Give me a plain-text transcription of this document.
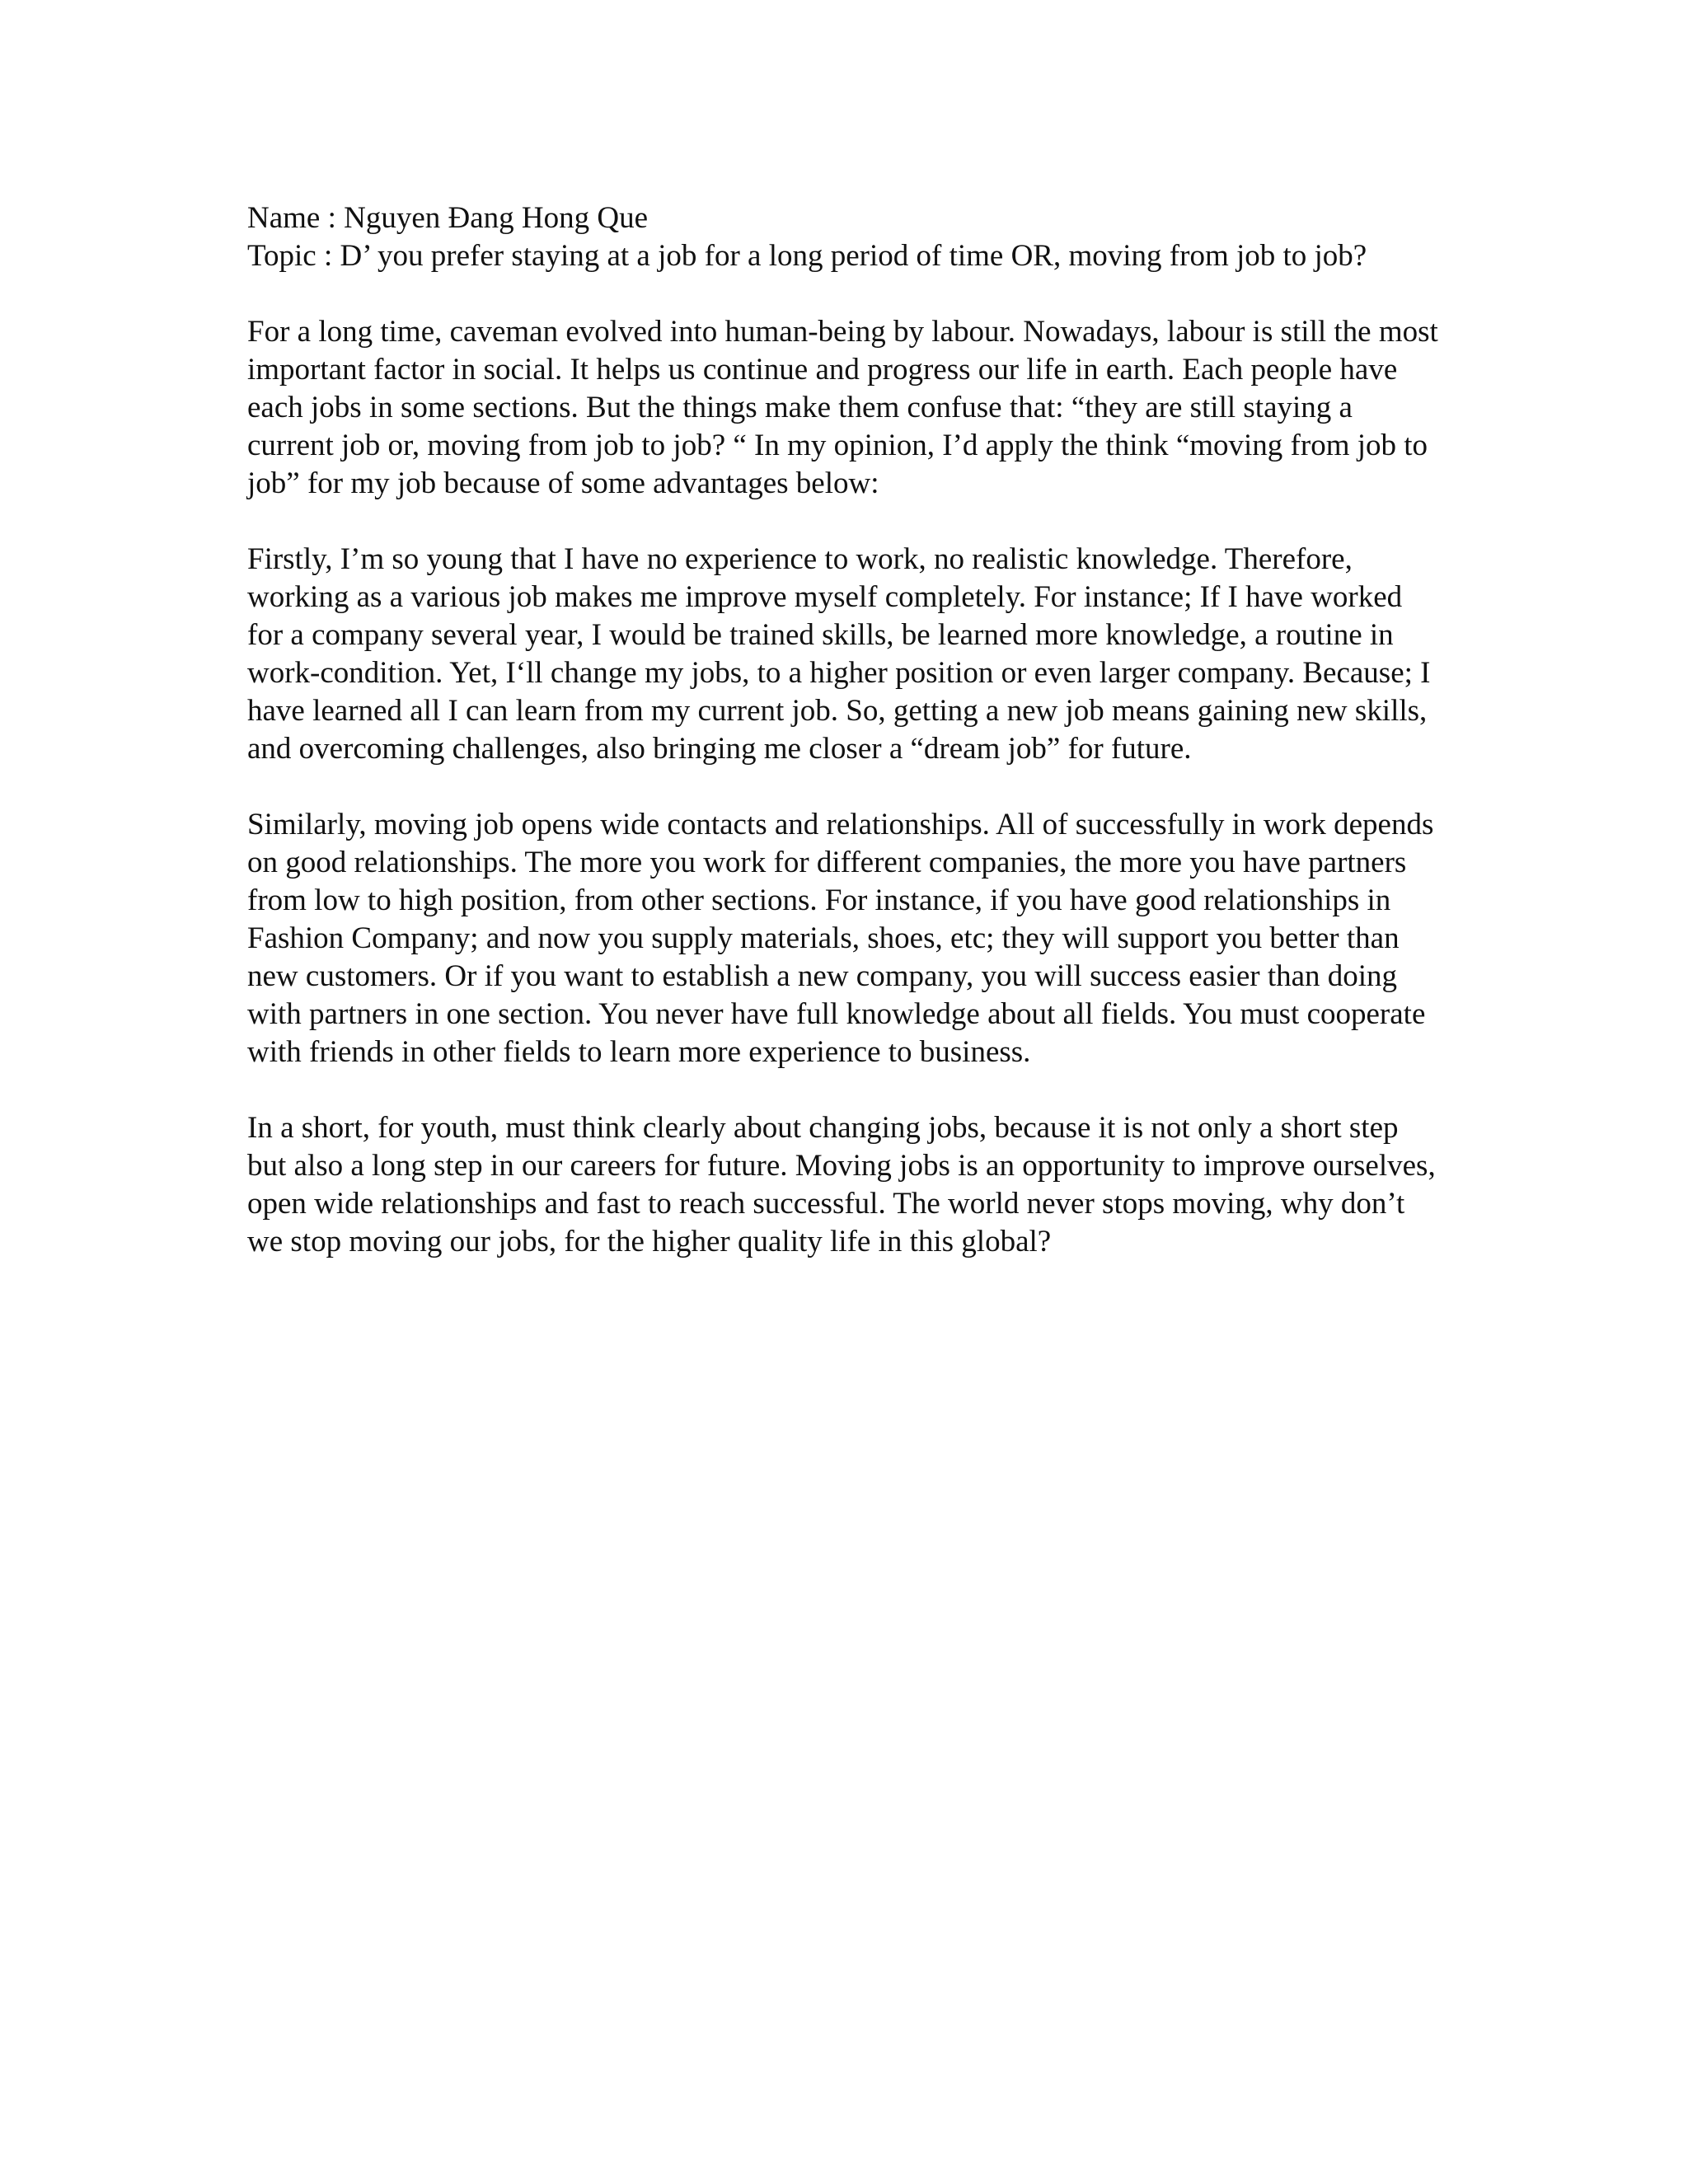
Name : Nguyen Đang Hong Que

Topic : D’ you prefer staying at a job for a long period of time OR, moving from job to job?

For a long time, caveman evolved into human-being by labour. Nowadays, labour is still the most important factor in social. It helps us continue and progress our life in earth. Each people have each jobs in some sections. But the things make them confuse that: “they are still staying a current job or, moving from job to job? “ In my opinion, I’d apply the think “moving from job to job” for my job because of some advantages below:

Firstly, I’m so young that I have no experience to work, no realistic knowledge. Therefore, working as a various job makes me improve myself completely. For instance; If I have worked for a company several year, I would be trained skills, be learned more knowledge, a routine in work-condition. Yet, I‘ll change my jobs, to a higher position or even larger company. Because; I have learned all I can learn from my current job. So, getting a new job means gaining new skills, and overcoming challenges, also bringing me closer a “dream job” for future.

Similarly, moving job opens wide contacts and relationships. All of successfully in work depends on good relationships. The more you work for different companies, the more you have partners from low to high position, from other sections. For instance, if you have good relationships in Fashion Company; and now you supply materials, shoes, etc; they will support you better than new customers. Or if you want to establish a new company, you will success easier than doing with partners in one section. You never have full knowledge about all fields. You must cooperate with friends in other fields to learn more experience to business.

In a short, for youth, must think clearly about changing jobs, because it is not only a short step but also a long step in our careers for future. Moving jobs is an opportunity to improve ourselves, open wide relationships and fast to reach successful. The world never stops moving, why don’t we stop moving our jobs, for the higher quality life in this global?
